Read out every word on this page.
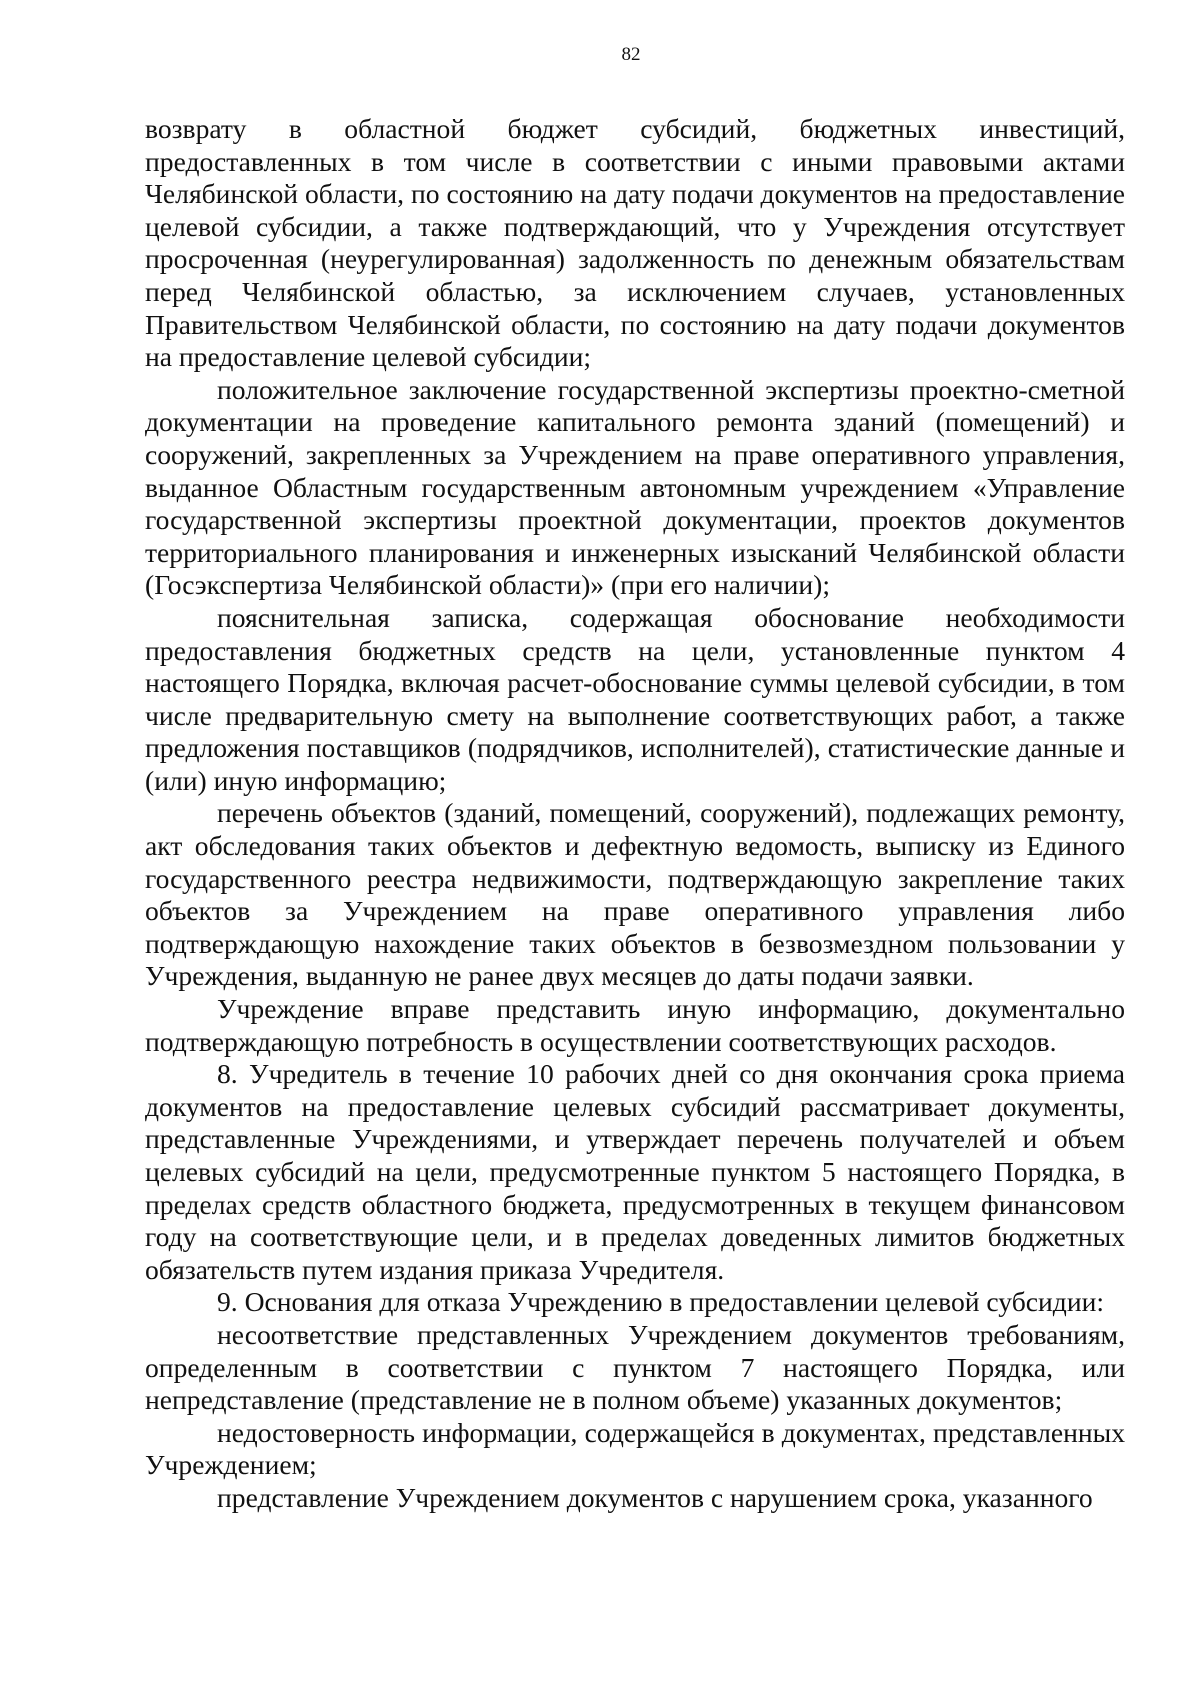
82

возврату в областной бюджет субсидий, бюджетных инвестиций, предоставленных в том числе в соответствии с иными правовыми актами Челябинской области, по состоянию на дату подачи документов на предоставление целевой субсидии, а также подтверждающий, что у Учреждения отсутствует просроченная (неурегулированная) задолженность по денежным обязательствам перед Челябинской областью, за исключением случаев, установленных Правительством Челябинской области, по состоянию на дату подачи документов на предоставление целевой субсидии;

положительное заключение государственной экспертизы проектно-сметной документации на проведение капитального ремонта зданий (помещений) и сооружений, закрепленных за Учреждением на праве оперативного управления, выданное Областным государственным автономным учреждением «Управление государственной экспертизы проектной документации, проектов документов территориального планирования и инженерных изысканий Челябинской области (Госэкспертиза Челябинской области)» (при его наличии);

пояснительная записка, содержащая обоснование необходимости предоставления бюджетных средств на цели, установленные пунктом 4 настоящего Порядка, включая расчет-обоснование суммы целевой субсидии, в том числе предварительную смету на выполнение соответствующих работ, а также предложения поставщиков (подрядчиков, исполнителей), статистические данные и (или) иную информацию;

перечень объектов (зданий, помещений, сооружений), подлежащих ремонту, акт обследования таких объектов и дефектную ведомость, выписку из Единого государственного реестра недвижимости, подтверждающую закрепление таких объектов за Учреждением на праве оперативного управления либо подтверждающую нахождение таких объектов в безвозмездном пользовании у Учреждения, выданную не ранее двух месяцев до даты подачи заявки.

Учреждение вправе представить иную информацию, документально подтверждающую потребность в осуществлении соответствующих расходов.

8. Учредитель в течение 10 рабочих дней со дня окончания срока приема документов на предоставление целевых субсидий рассматривает документы, представленные Учреждениями, и утверждает перечень получателей и объем целевых субсидий на цели, предусмотренные пунктом 5 настоящего Порядка, в пределах средств областного бюджета, предусмотренных в текущем финансовом году на соответствующие цели, и в пределах доведенных лимитов бюджетных обязательств путем издания приказа Учредителя.

9. Основания для отказа Учреждению в предоставлении целевой субсидии:

несоответствие представленных Учреждением документов требованиям, определенным в соответствии с пунктом 7 настоящего Порядка, или непредставление (представление не в полном объеме) указанных документов;

недостоверность информации, содержащейся в документах, представленных Учреждением;

представление Учреждением документов с нарушением срока, указанного
